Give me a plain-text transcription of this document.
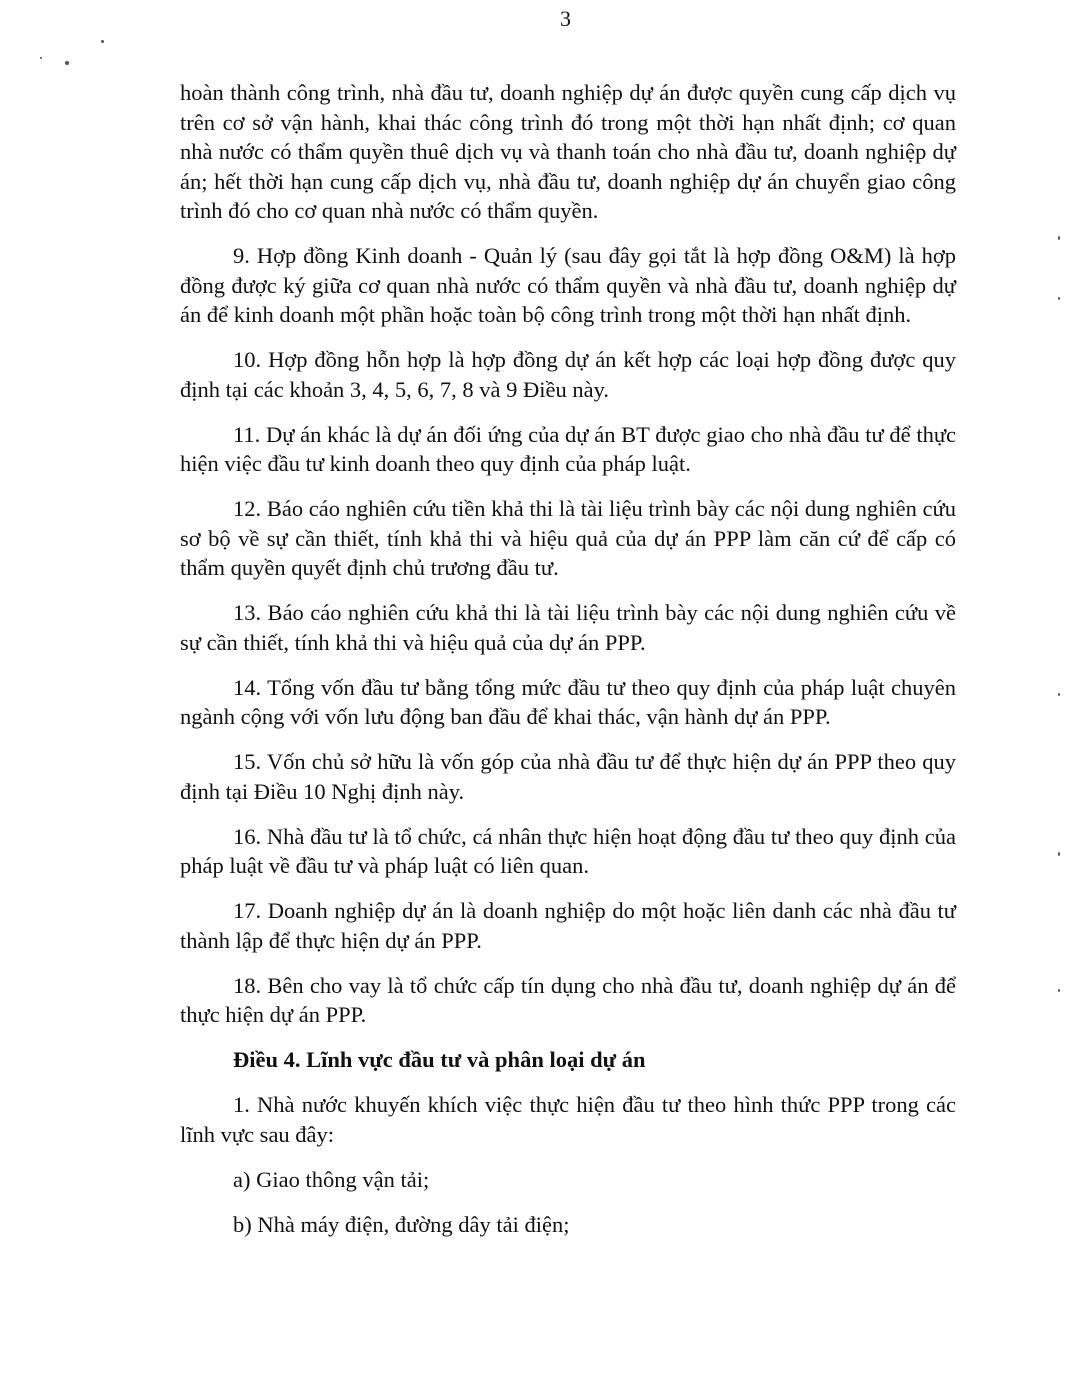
3

hoàn thành công trình, nhà đầu tư, doanh nghiệp dự án được quyền cung cấp dịch vụ trên cơ sở vận hành, khai thác công trình đó trong một thời hạn nhất định; cơ quan nhà nước có thẩm quyền thuê dịch vụ và thanh toán cho nhà đầu tư, doanh nghiệp dự án; hết thời hạn cung cấp dịch vụ, nhà đầu tư, doanh nghiệp dự án chuyển giao công trình đó cho cơ quan nhà nước có thẩm quyền.

9. Hợp đồng Kinh doanh - Quản lý (sau đây gọi tắt là hợp đồng O&M) là hợp đồng được ký giữa cơ quan nhà nước có thẩm quyền và nhà đầu tư, doanh nghiệp dự án để kinh doanh một phần hoặc toàn bộ công trình trong một thời hạn nhất định.

10. Hợp đồng hỗn hợp là hợp đồng dự án kết hợp các loại hợp đồng được quy định tại các khoản 3, 4, 5, 6, 7, 8 và 9 Điều này.

11. Dự án khác là dự án đối ứng của dự án BT được giao cho nhà đầu tư để thực hiện việc đầu tư kinh doanh theo quy định của pháp luật.

12. Báo cáo nghiên cứu tiền khả thi là tài liệu trình bày các nội dung nghiên cứu sơ bộ về sự cần thiết, tính khả thi và hiệu quả của dự án PPP làm căn cứ để cấp có thẩm quyền quyết định chủ trương đầu tư.

13. Báo cáo nghiên cứu khả thi là tài liệu trình bày các nội dung nghiên cứu về sự cần thiết, tính khả thi và hiệu quả của dự án PPP.

14. Tổng vốn đầu tư bằng tổng mức đầu tư theo quy định của pháp luật chuyên ngành cộng với vốn lưu động ban đầu để khai thác, vận hành dự án PPP.

15. Vốn chủ sở hữu là vốn góp của nhà đầu tư để thực hiện dự án PPP theo quy định tại Điều 10 Nghị định này.

16. Nhà đầu tư là tổ chức, cá nhân thực hiện hoạt động đầu tư theo quy định của pháp luật về đầu tư và pháp luật có liên quan.

17. Doanh nghiệp dự án là doanh nghiệp do một hoặc liên danh các nhà đầu tư thành lập để thực hiện dự án PPP.

18. Bên cho vay là tổ chức cấp tín dụng cho nhà đầu tư, doanh nghiệp dự án để thực hiện dự án PPP.

Điều 4. Lĩnh vực đầu tư và phân loại dự án

1. Nhà nước khuyến khích việc thực hiện đầu tư theo hình thức PPP trong các lĩnh vực sau đây:

a) Giao thông vận tải;

b) Nhà máy điện, đường dây tải điện;
